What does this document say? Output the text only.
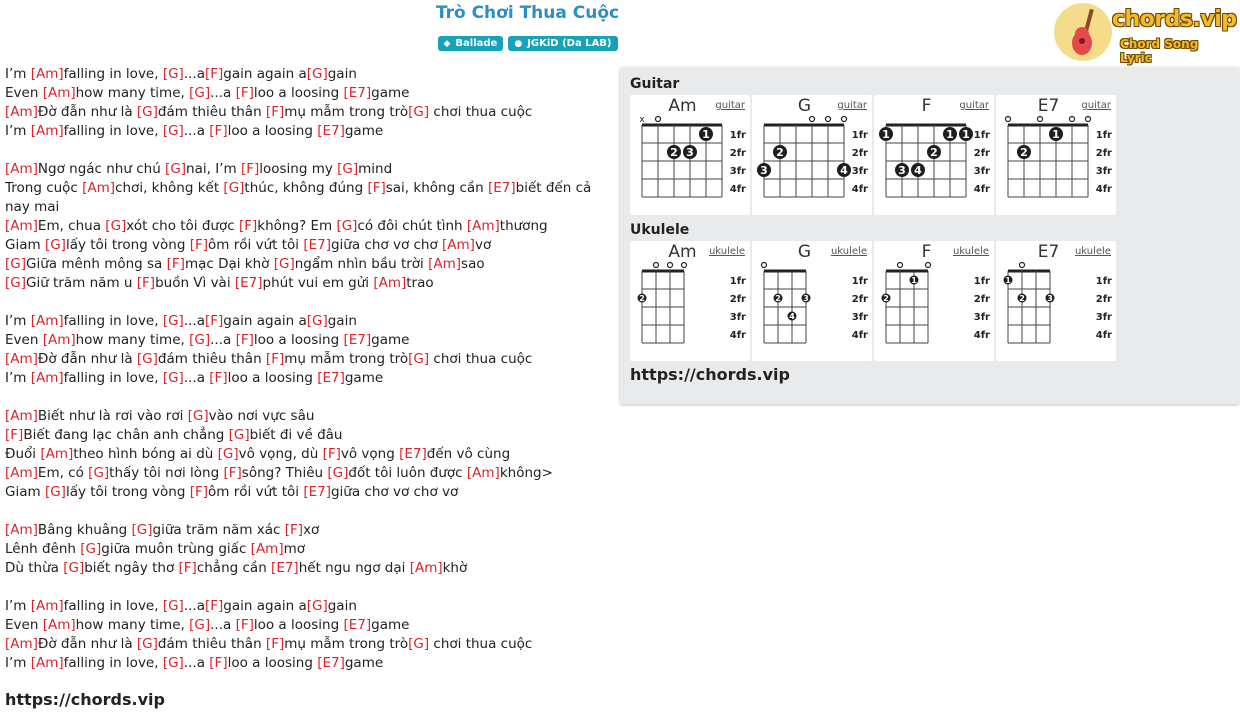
Trò Chơi Thua Cuộc
◆ Ballade ● JGKiD (Da LAB)
chords.vip
Chord Song Lyric
I’m [Am]falling in love, [G]...a[F]gain again a[G]gain
Even [Am]how many time, [G]...a [F]loo a loosing [E7]game
[Am]Đờ đẫn như là [G]đám thiêu thân [F]mụ mẫm trong trò[G] chơi thua cuộc
I’m [Am]falling in love, [G]...a [F]loo a loosing [E7]game
[Am]Ngơ ngác như chú [G]nai, I’m [F]loosing my [G]mind
Trong cuộc [Am]chơi, không kết [G]thúc, không đúng [F]sai, không cần [E7]biết đến cả nay mai
[Am]Em, chua [G]xót cho tôi được [F]không? Em [G]có đôi chút tình [Am]thương
Giam [G]lấy tôi trong vòng [F]ôm rồi vứt tôi [E7]giữa chơ vơ chơ [Am]vơ
[G]Giữa mênh mông sa [F]mạc Dại khờ [G]ngẩm nhìn bầu trời [Am]sao
[G]Giữ trăm năm u [F]buồn Vì vài [E7]phút vui em gửi [Am]trao
I’m [Am]falling in love, [G]...a[F]gain again a[G]gain
Even [Am]how many time, [G]...a [F]loo a loosing [E7]game
[Am]Đờ đẫn như là [G]đám thiêu thân [F]mụ mẫm trong trò[G] chơi thua cuộc
I’m [Am]falling in love, [G]...a [F]loo a loosing [E7]game
[Am]Biết như là rơi vào rơi [G]vào nơi vực sâu
[F]Biết đang lạc chân anh chẳng [G]biết đi về đâu
Đuổi [Am]theo hình bóng ai dù [G]vô vọng, dù [F]vô vọng [E7]đến vô cùng
[Am]Em, có [G]thấy tôi nơi lòng [F]sông? Thiêu [G]đốt tôi luôn được [Am]không>
Giam [G]lấy tôi trong vòng [F]ôm rồi vứt tôi [E7]giữa chơ vơ chơ vơ
[Am]Bâng khuâng [G]giữa trăm năm xác [F]xơ
Lênh đênh [G]giữa muôn trùng giấc [Am]mơ
Dù thừa [G]biết ngây thơ [F]chẳng cần [E7]hết ngu ngơ dại [Am]khờ
I’m [Am]falling in love, [G]...a[F]gain again a[G]gain
Even [Am]how many time, [G]...a [F]loo a loosing [E7]game
[Am]Đờ đẫn như là [G]đám thiêu thân [F]mụ mẫm trong trò[G] chơi thua cuộc
I’m [Am]falling in love, [G]...a [F]loo a loosing [E7]game
https://chords.vip
Guitar
Ukulele
https://chords.vip
Am	guitar
1fr
2fr
3fr
4fr
x
1
2 3
G	guitar
1fr
2fr
3fr
4fr
2
3	4
F	guitar
1fr
2fr
3fr
4fr
1	1 1
2
3 4
E7	guitar
1fr
2fr
3fr
4fr
1
2
Am	ukulele
1fr
2fr
3fr
4fr
2
G	ukulele
1fr
2fr
3fr
4fr
2	3
4
F	ukulele
1fr
2fr
3fr
4fr
1
2
E7	ukulele
1fr
2fr
3fr
4fr
1
2	3
